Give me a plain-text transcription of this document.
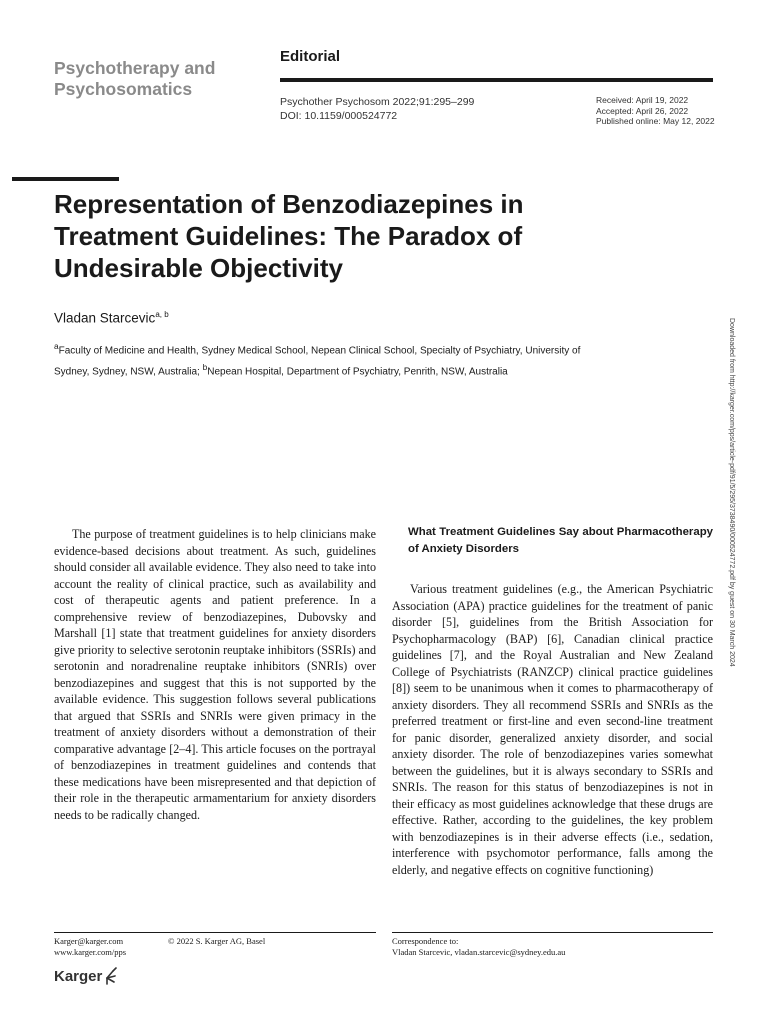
Psychotherapy and Psychosomatics
Editorial
Psychother Psychosom 2022;91:295–299
DOI: 10.1159/000524772
Received: April 19, 2022
Accepted: April 26, 2022
Published online: May 12, 2022
Representation of Benzodiazepines in Treatment Guidelines: The Paradox of Undesirable Objectivity
Vladan Starcevic$^{a, b}$
$^a$Faculty of Medicine and Health, Sydney Medical School, Nepean Clinical School, Specialty of Psychiatry, University of Sydney, Sydney, NSW, Australia; $^b$Nepean Hospital, Department of Psychiatry, Penrith, NSW, Australia	Downloaded from http://karger.com/pps/article-pdf/91/5/295/3738490/000524772.pdf by guest on 30 March 2024

The purpose of treatment guidelines is to help clinicians make evidence-based decisions about treatment. As such, guidelines should consider all available evidence. They also need to take into account the reality of clinical practice, such as availability and cost of therapeutic agents and patient preference. In a comprehensive review of benzodiazepines, Dubovsky and Marshall [1] state that treatment guidelines for anxiety disorders give priority to selective serotonin reuptake inhibitors (SSRIs) and serotonin and noradrenaline reuptake inhibitors (SNRIs) over benzodiazepines and suggest that this is not supported by the available evidence. This suggestion follows several publications that argued that SSRIs and SNRIs were given primacy in the treatment of anxiety disorders without a demonstration of their comparative advantage [2–4]. This article focuses on the portrayal of benzodiazepines in treatment guidelines and contends that these medications have been misrepresented and that depiction of their role in the therapeutic armamentarium for anxiety disorders needs to be radically changed.

What Treatment Guidelines Say about Pharmacotherapy of Anxiety Disorders

Various treatment guidelines (e.g., the American Psychiatric Association (APA) practice guidelines for the treatment of panic disorder [5], guidelines from the British Association for Psychopharmacology (BAP) [6], Canadian clinical practice guidelines [7], and the Royal Australian and New Zealand College of Psychiatrists (RANZCP) clinical practice guidelines [8]) seem to be unanimous when it comes to pharmacotherapy of anxiety disorders. They all recommend SSRIs and SNRIs as the preferred treatment or first-line and even second-line treatment for panic disorder, generalized anxiety disorder, and social anxiety disorder. The role of benzodiazepines varies somewhat between the guidelines, but it is always secondary to SSRIs and SNRIs. The reason for this status of benzodiazepines is not in their efficacy as most guidelines acknowledge that these drugs are effective. Rather, according to the guidelines, the key problem with benzodiazepines is in their adverse effects (i.e., sedation, interference with psychomotor performance, falls among the elderly, and negative effects on cognitive functioning)

Karger@karger.com
www.karger.com/pps
© 2022 S. Karger AG, Basel	Correspondence to:
Vladan Starcevic, vladan.starcevic@sydney.edu.au
Karger
